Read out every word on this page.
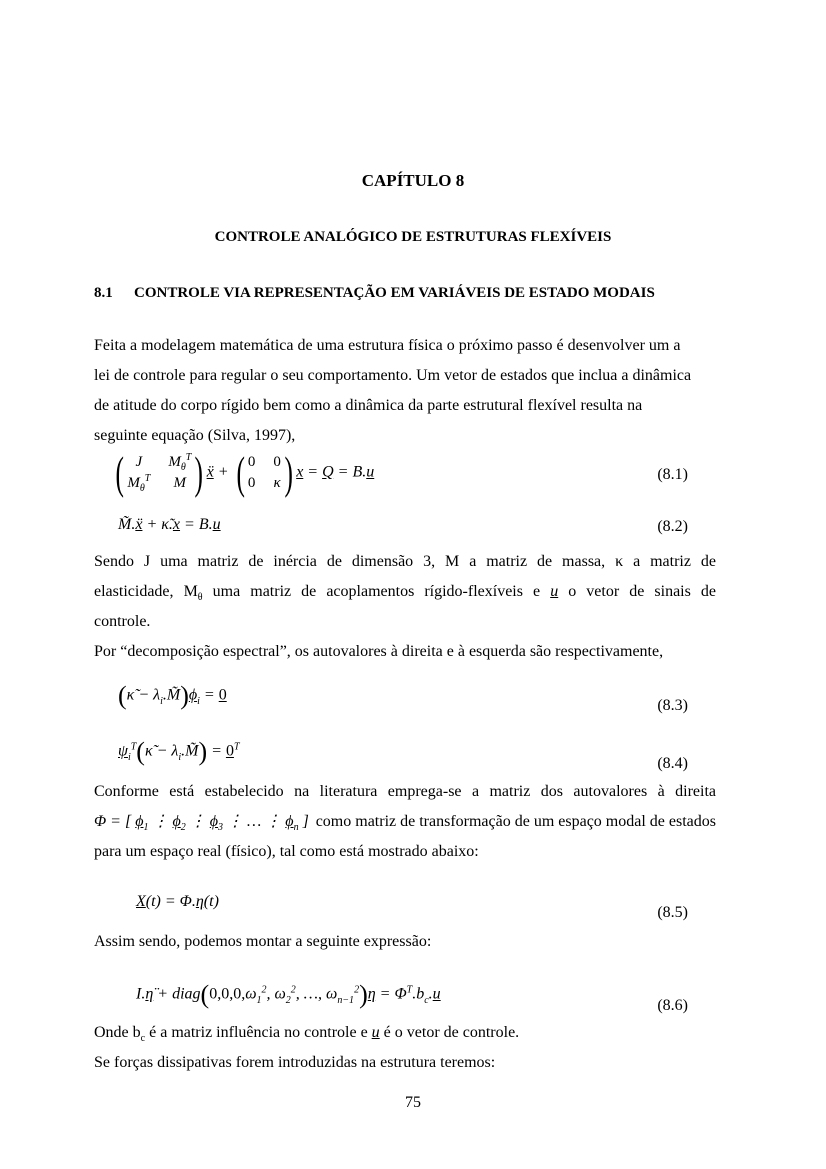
CAPÍTULO 8
CONTROLE ANALÓGICO DE ESTRUTURAS FLEXÍVEIS
8.1 CONTROLE VIA REPRESENTAÇÃO EM VARIÁVEIS DE ESTADO MODAIS
Feita a modelagem matemática de uma estrutura física o próximo passo é desenvolver um a
lei de controle para regular o seu comportamento. Um vetor de estados que inclua a dinâmica
de atitude do corpo rígido bem como a dinâmica da parte estrutural flexível resulta na
seguinte equação (Silva, 1997),
( J	$M_\theta^T$
$M_\theta^T$	M ) ẍ + ( 0 0
0 κ ) x = Q = B.u	(8.1)
M̃.ẍ + κ̃.x = B.u	(8.2)
Sendo J uma matriz de inércia de dimensão 3, M a matriz de massa, κ a matriz de
elasticidade, $M_\theta$ uma matriz de acoplamentos rígido-flexíveis e u o vetor de sinais de
controle.
Por “decomposição espectral”, os autovalores à direita e à esquerda são respectivamente,
(κ̃ − $\lambda_i.M̃)\phi_i = 0$
(8.3)
$\psi_i^T(\kappã$ − $\lambda_i.M̃) = 0^T$
(8.4)
Conforme está estabelecido na literatura emprega-se a matriz dos autovalores à direita
Φ = [ $\phi_1$ ⋮ $\phi_2$ ⋮ $\phi_3$ ⋮ … ⋮ $\phi_n$ ] como matriz de transformação de um espaço modal de estados
para um espaço real (físico), tal como está mostrado abaixo:
X(t) = Φ.η(t)
(8.5)
Assim sendo, podemos montar a seguinte expressão:
I.η̈ + $diag(0,0,0,\omega_1^2$, $\omega_2^2$, …, $\omega_{n-1}^2)\eta = \Phi^T.b_c.u$
(8.6)
Onde $b_c$ é a matriz influência no controle e u é o vetor de controle.
Se forças dissipativas forem introduzidas na estrutura teremos:
75
